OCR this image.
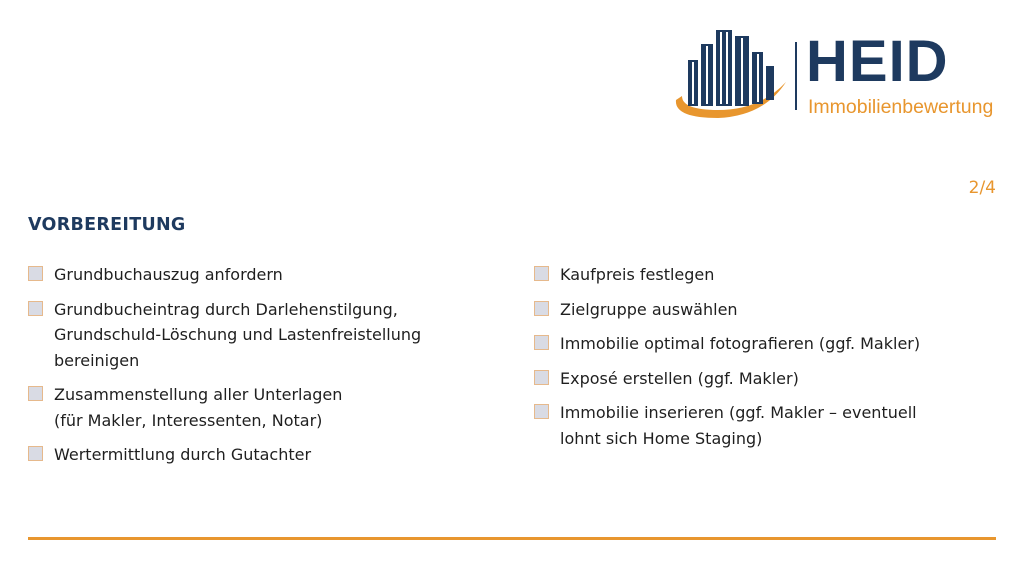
HEID
Immobilienbewertung
2/4
VORBEREITUNG
Grundbuchauszug anfordern
Grundbucheintrag durch Darlehenstilgung,
Grundschuld-Löschung und Lastenfreistellung
bereinigen
Zusammenstellung aller Unterlagen
(für Makler, Interessenten, Notar)
Wertermittlung durch Gutachter
Kaufpreis festlegen
Zielgruppe auswählen
Immobilie optimal fotografieren (ggf. Makler)
Exposé erstellen (ggf. Makler)
Immobilie inserieren (ggf. Makler – eventuell
lohnt sich Home Staging)
